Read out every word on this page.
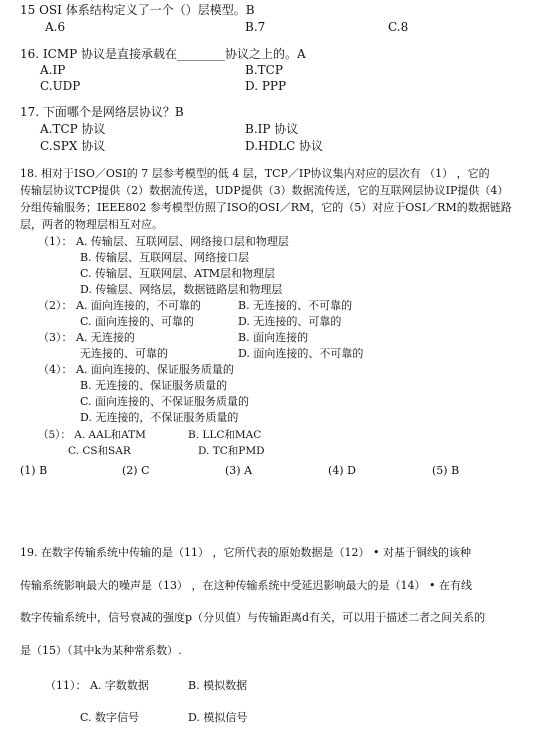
15 OSI 体系结构定义了一个（）层模型。B
A.6	B.7	C.8
16. ICMP 协议是直接承载在________协议之上的。A
A.IP	B.TCP
C.UDP	D. PPP
17. 下面哪个是网络层协议？B
A.TCP 协议	B.IP 协议
C.SPX 协议	D.HDLC 协议
18. 相对于ISO／OSI的 7 层参考模型的低 4 层，TCP／IP协议集内对应的层次有 （1） ，它的
传输层协议TCP提供（2）数据流传送，UDP提供（3）数据流传送，它的互联网层协议IP提供（4）
分组传输服务；IEEE802 参考模型仿照了ISO的OSI／RM，它的（5）对应于OSI／RM的数据链路
层，两者的物理层相互对应。
（1）： A. 传输层、互联网层、网络接口层和物理层
B. 传输层、互联网层、网络接口层
C. 传输层、互联网层、ATM层和物理层
D. 传输层、网络层，数据链路层和物理层
（2）： A. 面向连接的，不可靠的	B. 无连接的、不可靠的
C. 面向连接的、可靠的	D. 无连接的、可靠的
（3）： A. 无连接的	B. 面向连接的
无连接的、可靠的	D. 面向连接的、不可靠的
（4）： A. 面向连接的、保证服务质量的
B. 无连接的、保证服务质量的
C. 面向连接的、不保证服务质量的
D. 无连接的，不保证服务质量的
（5）： A. AAL和ATM	B. LLC和MAC
C. CS和SAR	D. TC和PMD
(1) B	(2) C	(3) A	(4) D	(5) B
19. 在数字传输系统中传输的是（11） ，它所代表的原始数据是（12） • 对基于铜线的该种
传输系统影响最大的噪声是（13） ，在这种传输系统中受延迟影响最大的是（14） • 在有线
数字传输系统中，信号衰减的强度p（分贝值）与传输距离d有关，可以用于描述二者之间关系的
是（15）（其中k为某种常系数）.
（11）： A. 字数数据	B. 模拟数据
C. 数字信号	D. 模拟信号
